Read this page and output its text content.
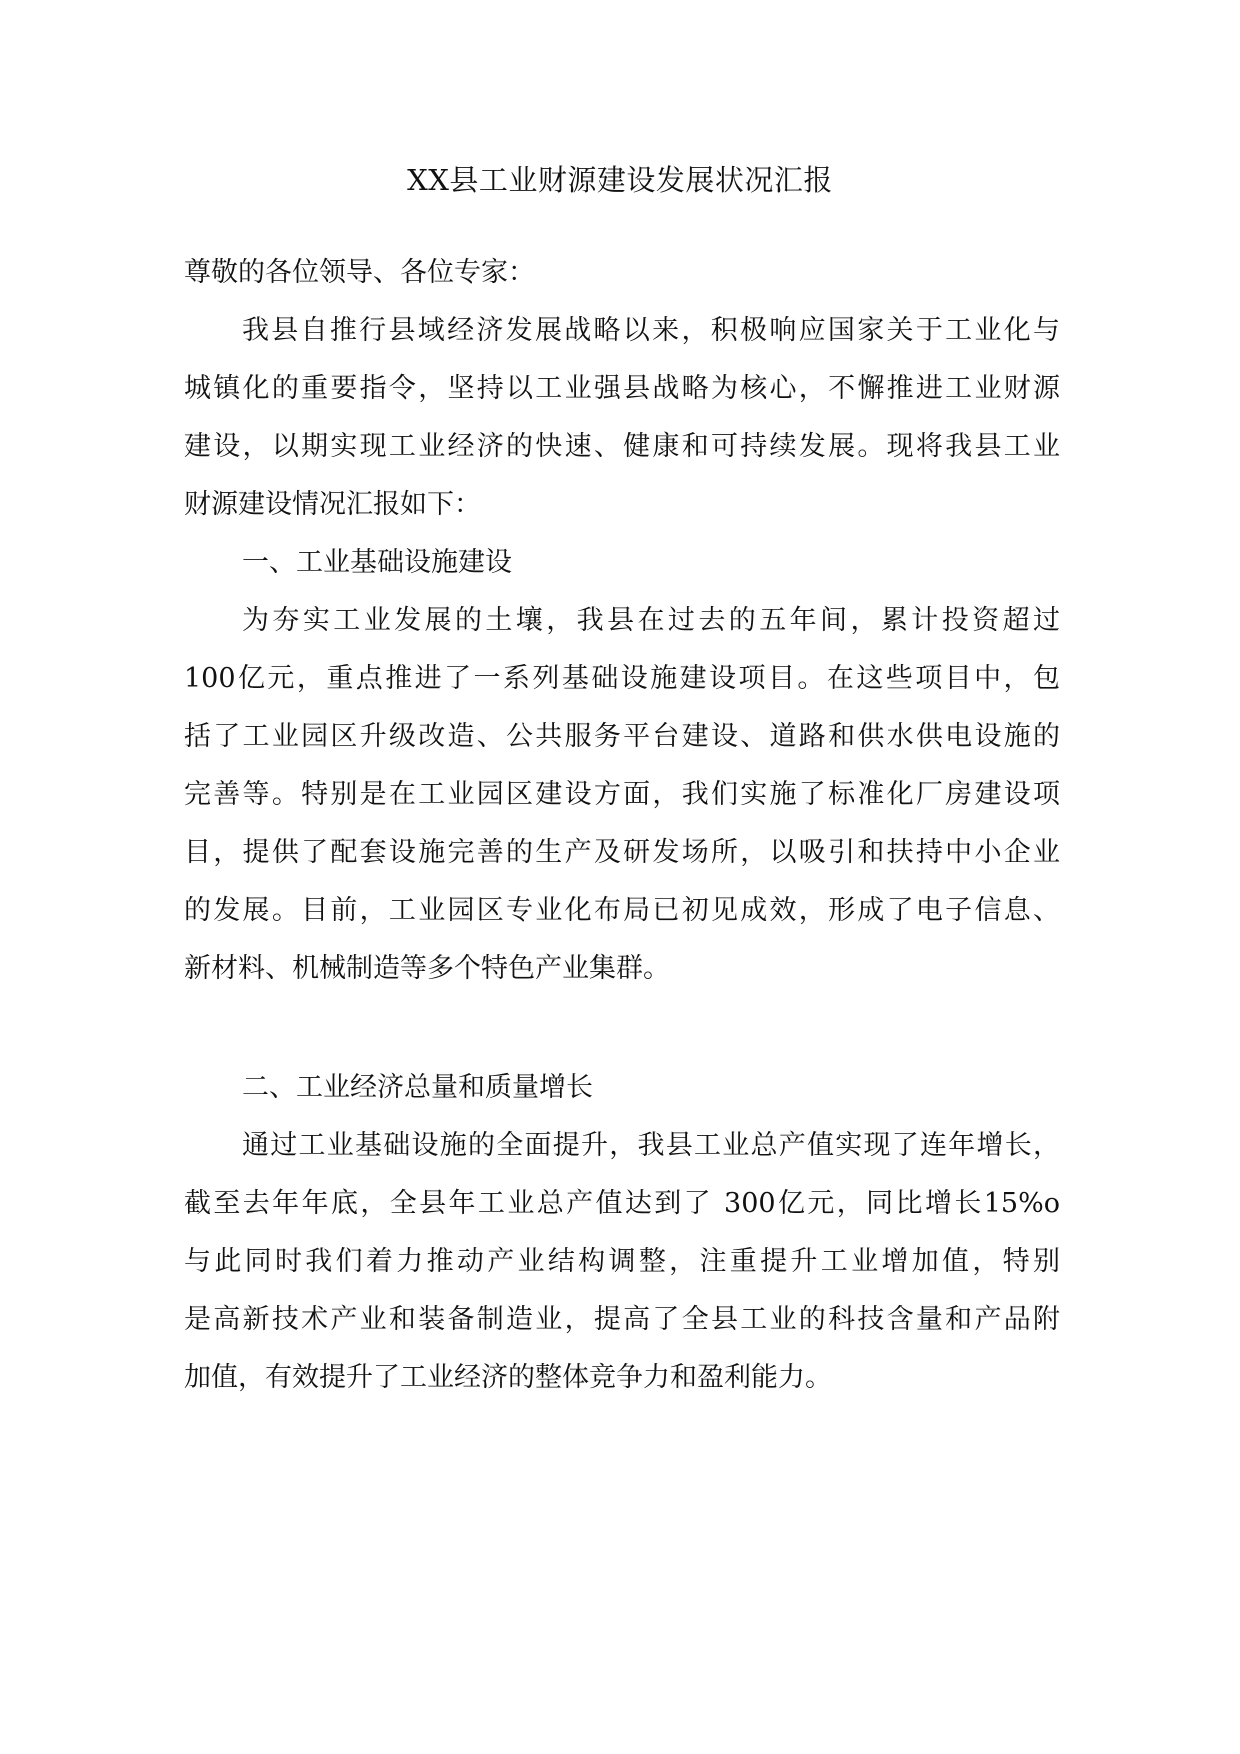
XX县工业财源建设发展状况汇报
尊敬的各位领导、各位专家：
我县自推行县域经济发展战略以来，积极响应国家关于工业化与
城镇化的重要指令，坚持以工业强县战略为核心，不懈推进工业财源
建设，以期实现工业经济的快速、健康和可持续发展。现将我县工业
财源建设情况汇报如下：
一、工业基础设施建设
为夯实工业发展的土壤，我县在过去的五年间，累计投资超过
100亿元，重点推进了一系列基础设施建设项目。在这些项目中，包
括了工业园区升级改造、公共服务平台建设、道路和供水供电设施的
完善等。特别是在工业园区建设方面，我们实施了标准化厂房建设项
目，提供了配套设施完善的生产及研发场所，以吸引和扶持中小企业
的发展。目前，工业园区专业化布局已初见成效，形成了电子信息、
新材料、机械制造等多个特色产业集群。
二、工业经济总量和质量增长
通过工业基础设施的全面提升，我县工业总产值实现了连年增长，
截至去年年底，全县年工业总产值达到了 300亿元，同比增长15%o
与此同时我们着力推动产业结构调整，注重提升工业增加值，特别
是高新技术产业和装备制造业，提高了全县工业的科技含量和产品附
加值，有效提升了工业经济的整体竞争力和盈利能力。
